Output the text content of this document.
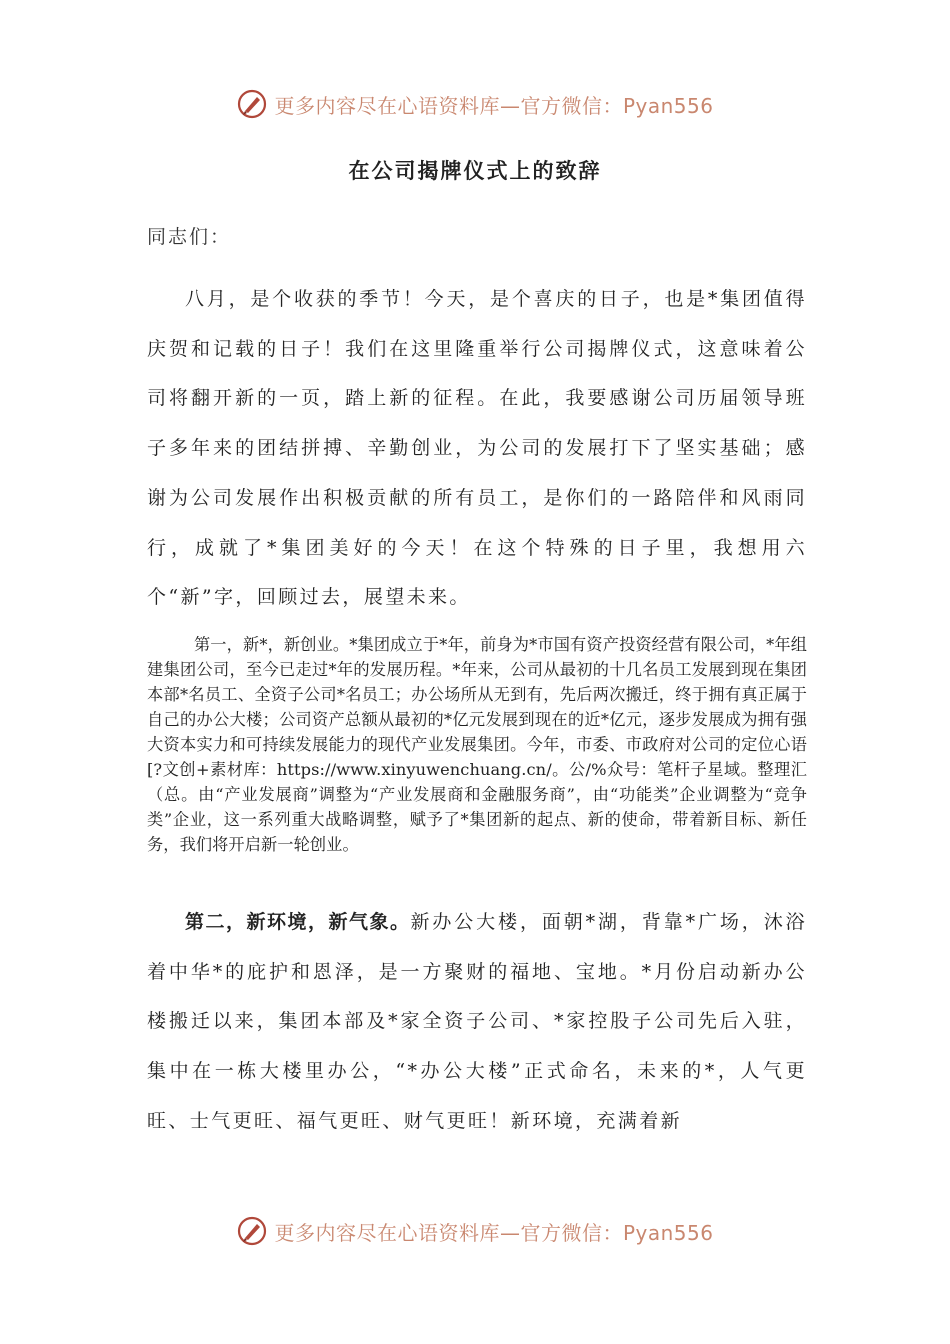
更多内容尽在心语资料库—官方微信：Pyan556
在公司揭牌仪式上的致辞
同志们：

八月，是个收获的季节！今天，是个喜庆的日子，也是*集团值得庆贺和记载的日子！我们在这里隆重举行公司揭牌仪式，这意味着公司将翻开新的一页，踏上新的征程。在此，我要感谢公司历届领导班子多年来的团结拼搏、辛勤创业，为公司的发展打下了坚实基础；感谢为公司发展作出积极贡献的所有员工，是你们的一路陪伴和风雨同行，成就了*集团美好的今天！在这个特殊的日子里，我想用六个“新”字，回顾过去，展望未来。

第一，新*，新创业。*集团成立于*年，前身为*市国有资产投资经营有限公司，*年组建集团公司，至今已走过*年的发展历程。*年来，公司从最初的十几名员工发展到现在集团本部*名员工、全资子公司*名员工；办公场所从无到有，先后两次搬迁，终于拥有真正属于自己的办公大楼；公司资产总额从最初的*亿元发展到现在的近*亿元，逐步发展成为拥有强大资本实力和可持续发展能力的现代产业发展集团。今年，市委、市政府对公司的定位心语[?文创+素材库：https://www.xinyuwenchuang.cn/。公/%众号：笔杆子星域。整理汇（总。由“产业发展商”调整为“产业发展商和金融服务商”，由“功能类”企业调整为“竞争类”企业，这一系列重大战略调整，赋予了*集团新的起点、新的使命，带着新目标、新任务，我们将开启新一轮创业。

第二，新环境，新气象。新办公大楼，面朝*湖，背靠*广场，沐浴着中华*的庇护和恩泽，是一方聚财的福地、宝地。*月份启动新办公楼搬迁以来，集团本部及*家全资子公司、*家控股子公司先后入驻，集中在一栋大楼里办公，“*办公大楼”正式命名，未来的*，人气更旺、士气更旺、福气更旺、财气更旺！新环境，充满着新

更多内容尽在心语资料库—官方微信：Pyan556
